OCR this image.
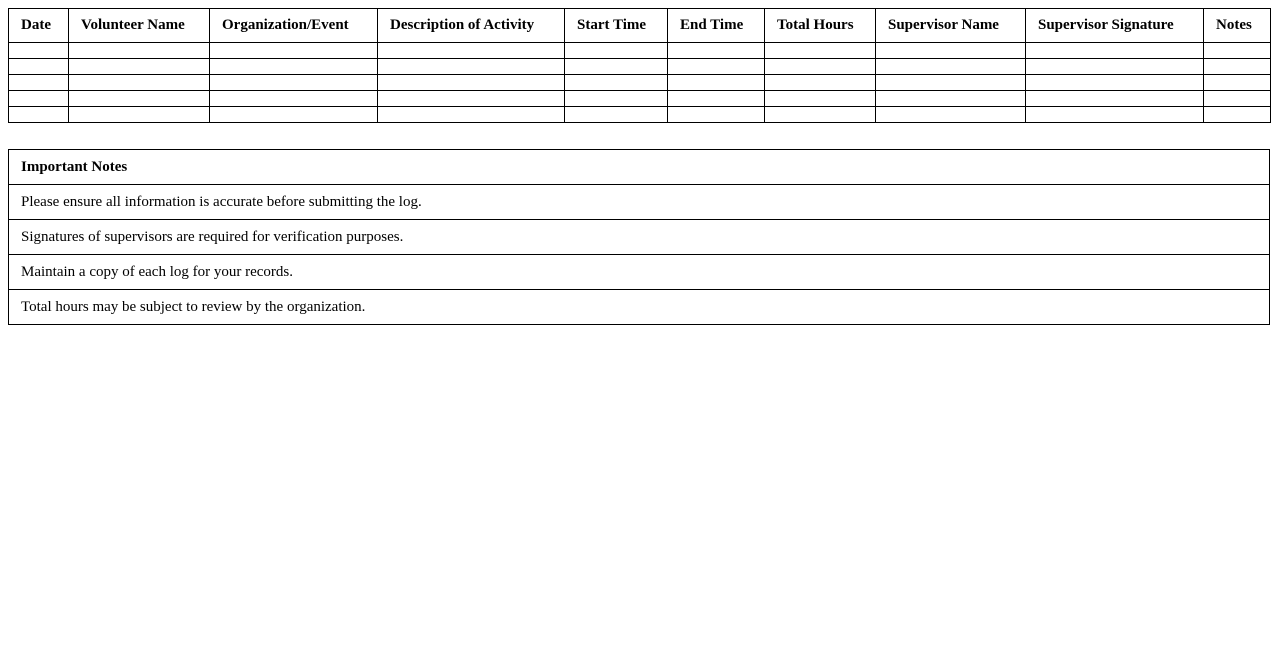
Date	Volunteer Name	Organization/Event	Description of Activity	Start Time	End Time	Total Hours	Supervisor Name	Supervisor Signature	Notes

Important Notes
Please ensure all information is accurate before submitting the log.
Signatures of supervisors are required for verification purposes.
Maintain a copy of each log for your records.
Total hours may be subject to review by the organization.
